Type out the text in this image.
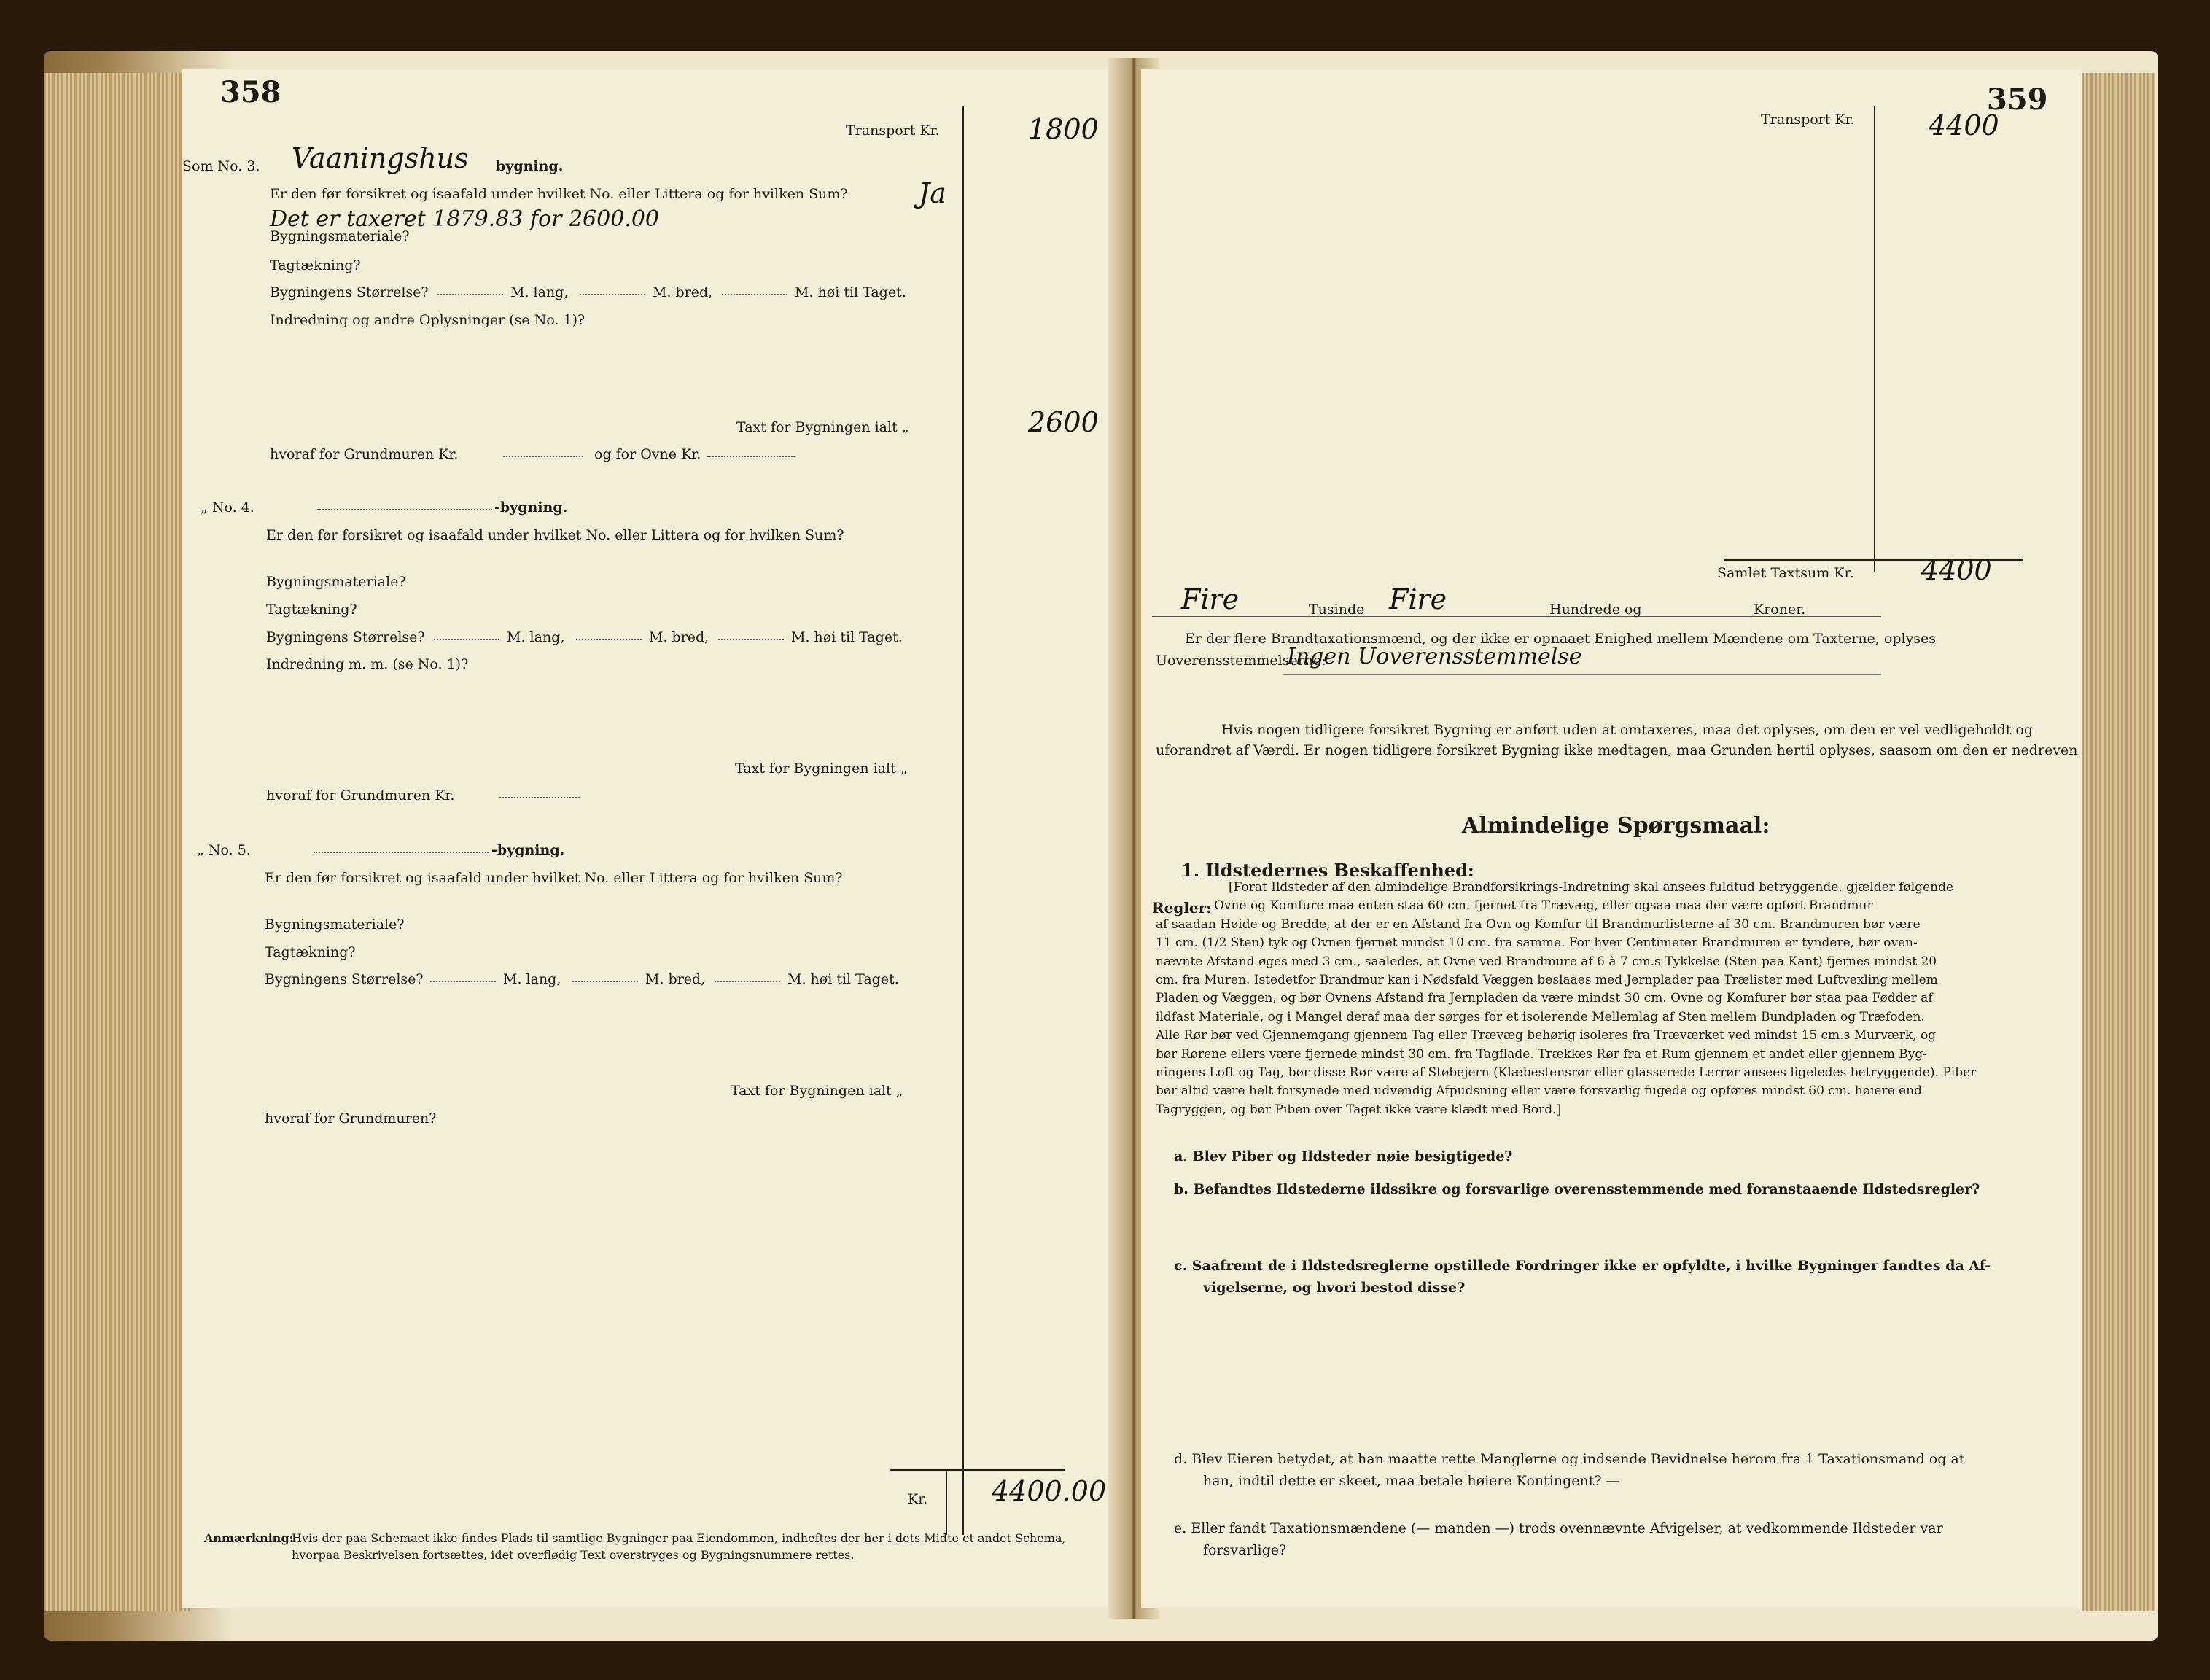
358
Transport Kr.	1800
Som No. 3. Vaaningshus bygning.
Er den før forsikret og isaafald under hvilket No. eller Littera og for hvilken Sum?	Ja
Det er taxeret 1879.83 for 2600.00
Bygningsmateriale?
Tagtækning?
Bygningens Størrelse?	M. lang,	M. bred,	M. høi til Taget.
Indredning og andre Oplysninger (se No. 1)?
Taxt for Bygningen ialt „	2600
hvoraf for Grundmuren Kr.	og for Ovne Kr.
„ No. 4.	-bygning.
Er den før forsikret og isaafald under hvilket No. eller Littera og for hvilken Sum?
Bygningsmateriale?
Tagtækning?
Bygningens Størrelse?	M. lang,	M. bred,	M. høi til Taget.
Indredning m. m. (se No. 1)?
Taxt for Bygningen ialt „
hvoraf for Grundmuren Kr.
„ No. 5.	-bygning.
Er den før forsikret og isaafald under hvilket No. eller Littera og for hvilken Sum?
Bygningsmateriale?
Tagtækning?
Bygningens Størrelse?	M. lang,	M. bred,	M. høi til Taget.
Taxt for Bygningen ialt „
hvoraf for Grundmuren?
Kr. 4400.00
Anmærkning:
Hvis der paa Schemaet ikke findes Plads til samtlige Bygninger paa Eiendommen, indheftes der her i dets Midte et andet Schema,
hvorpaa Beskrivelsen fortsættes, idet overflødig Text overstryges og Bygningsnummere rettes.
359
Transport Kr.	4400
Samlet Taxtsum Kr. 4400
Fire	Tusinde Fire	Hundrede og	Kroner.
Er der flere Brandtaxationsmænd, og der ikke er opnaaet Enighed mellem Mændene om Taxterne, oplyses
Uoverensstemmelserne:
Ingen Uoverensstemmelse
Hvis nogen tidligere forsikret Bygning er anført uden at omtaxeres, maa det oplyses, om den er vel vedligeholdt og
uforandret af Værdi. Er nogen tidligere forsikret Bygning ikke medtagen, maa Grunden hertil oplyses, saasom om den er nedreven
Almindelige Spørgsmaal:
1. Ildstedernes Beskaffenhed:
Regler:
[Forat Ildsteder af den almindelige Brandforsikrings-Indretning skal ansees fuldtud betryggende, gjælder følgende
Ovne og Komfure maa enten staa 60 cm. fjernet fra Trævæg, eller ogsaa maa der være opført Brandmur
af saadan Høide og Bredde, at der er en Afstand fra Ovn og Komfur til Brandmurlisterne af 30 cm. Brandmuren bør være
11 cm. (1/2 Sten) tyk og Ovnen fjernet mindst 10 cm. fra samme. For hver Centimeter Brandmuren er tyndere, bør oven-
nævnte Afstand øges med 3 cm., saaledes, at Ovne ved Brandmure af 6 à 7 cm.s Tykkelse (Sten paa Kant) fjernes mindst 20
cm. fra Muren. Istedetfor Brandmur kan i Nødsfald Væggen beslaaes med Jernplader paa Trælister med Luftvexling mellem
Pladen og Væggen, og bør Ovnens Afstand fra Jernpladen da være mindst 30 cm. Ovne og Komfurer bør staa paa Fødder af
ildfast Materiale, og i Mangel deraf maa der sørges for et isolerende Mellemlag af Sten mellem Bundpladen og Træfoden.
Alle Rør bør ved Gjennemgang gjennem Tag eller Trævæg behørig isoleres fra Træværket ved mindst 15 cm.s Murværk, og
bør Rørene ellers være fjernede mindst 30 cm. fra Tagflade. Trækkes Rør fra et Rum gjennem et andet eller gjennem Byg-
ningens Loft og Tag, bør disse Rør være af Støbejern (Klæbestensrør eller glasserede Lerrør ansees ligeledes betryggende). Piber
bør altid være helt forsynede med udvendig Afpudsning eller være forsvarlig fugede og opføres mindst 60 cm. høiere end
Tagryggen, og bør Piben over Taget ikke være klædt med Bord.]
a. Blev Piber og Ildsteder nøie besigtigede?
b. Befandtes Ildstederne ildssikre og forsvarlige overensstemmende med foranstaaende Ildstedsregler?
c. Saafremt de i Ildstedsreglerne opstillede Fordringer ikke er opfyldte, i hvilke Bygninger fandtes da Af-
vigelserne, og hvori bestod disse?
d. Blev Eieren betydet, at han maatte rette Manglerne og indsende Bevidnelse herom fra 1 Taxationsmand og at
han, indtil dette er skeet, maa betale høiere Kontingent? —
e. Eller fandt Taxationsmændene (— manden —) trods ovennævnte Afvigelser, at vedkommende Ildsteder var
forsvarlige?
